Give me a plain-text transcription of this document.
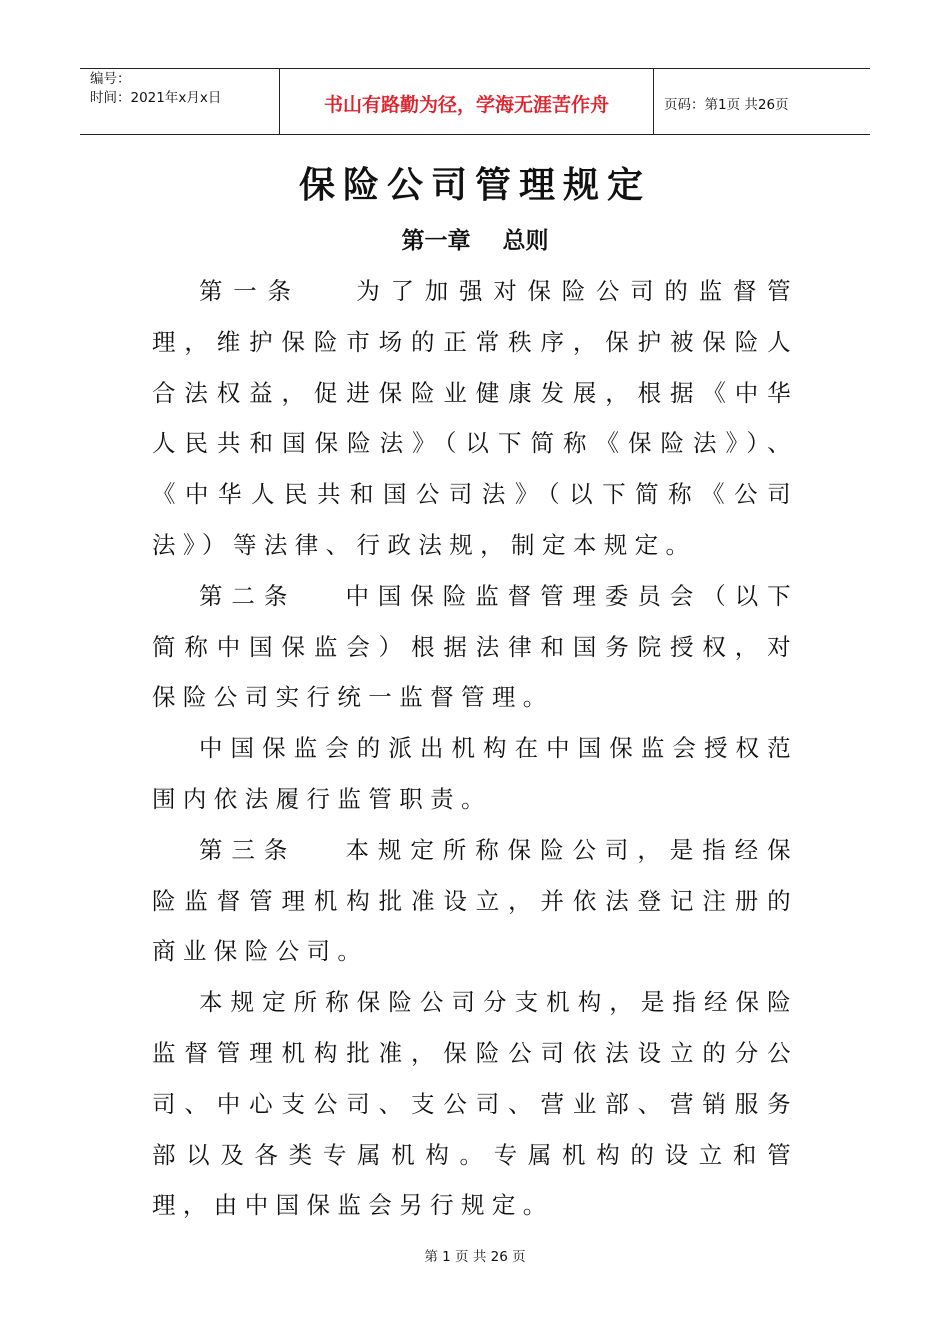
编号：
时间：2021年x月x日	书山有路勤为径，学海无涯苦作舟	页码：第1页 共26页
保险公司管理规定
第一章    总则

第一条   为了加强对保险公司的监督管理，维护保险市场的正常秩序，保护被保险人合法权益，促进保险业健康发展，根据《中华人民共和国保险法》（以下简称《保险法》）、《中华人民共和国公司法》（以下简称《公司法》）等法律、行政法规，制定本规定。

第二条   中国保险监督管理委员会（以下简称中国保监会）根据法律和国务院授权，对保险公司实行统一监督管理。

中国保监会的派出机构在中国保监会授权范围内依法履行监管职责。

第三条   本规定所称保险公司，是指经保险监督管理机构批准设立，并依法登记注册的商业保险公司。

本规定所称保险公司分支机构，是指经保险监督管理机构批准，保险公司依法设立的分公司、中心支公司、支公司、营业部、营销服务部以及各类专属机构。专属机构的设立和管理，由中国保监会另行规定。

第 1 页 共 26 页
